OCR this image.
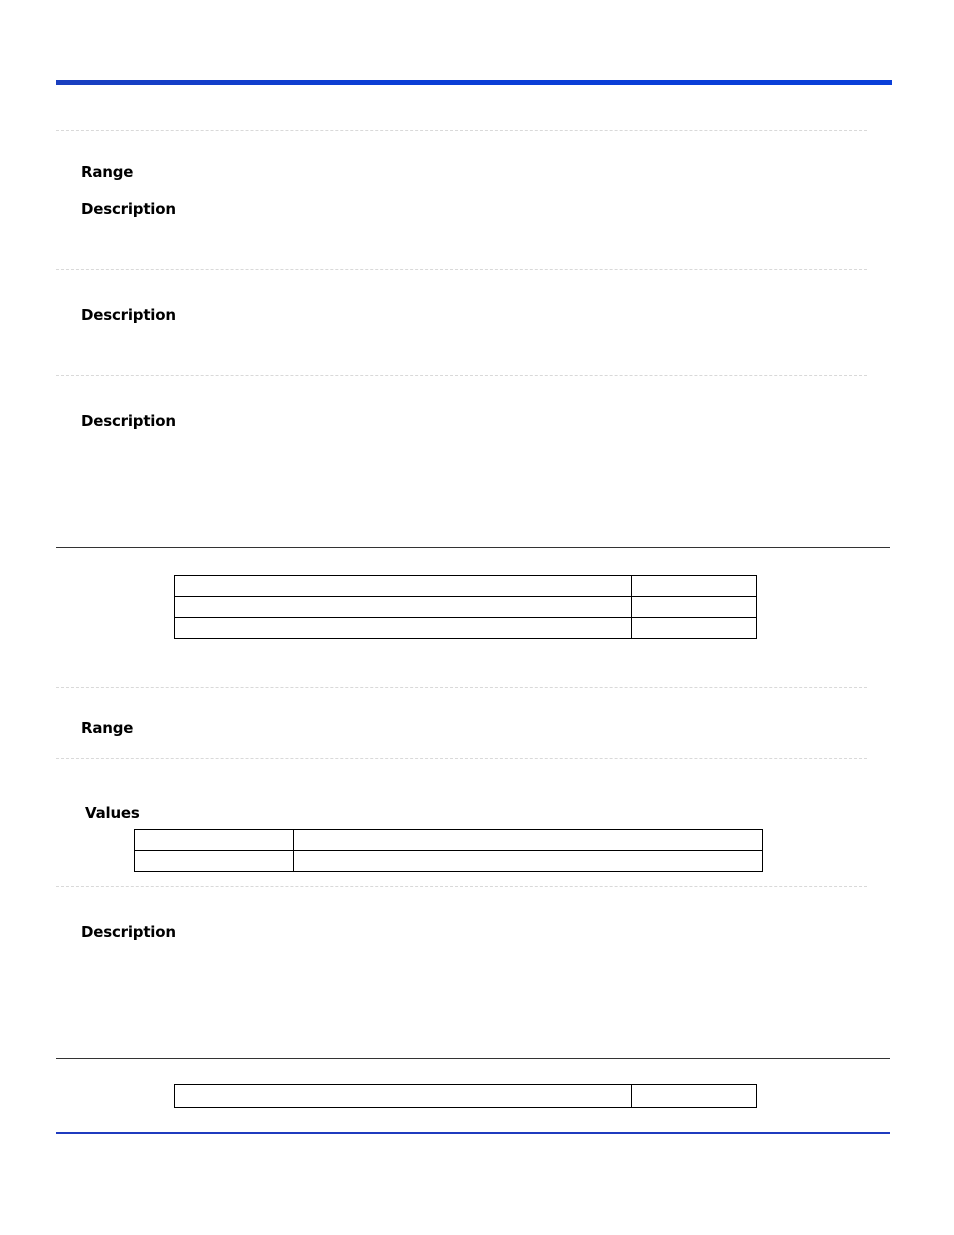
Range
Description
Description
Description

Range
Values

Description
